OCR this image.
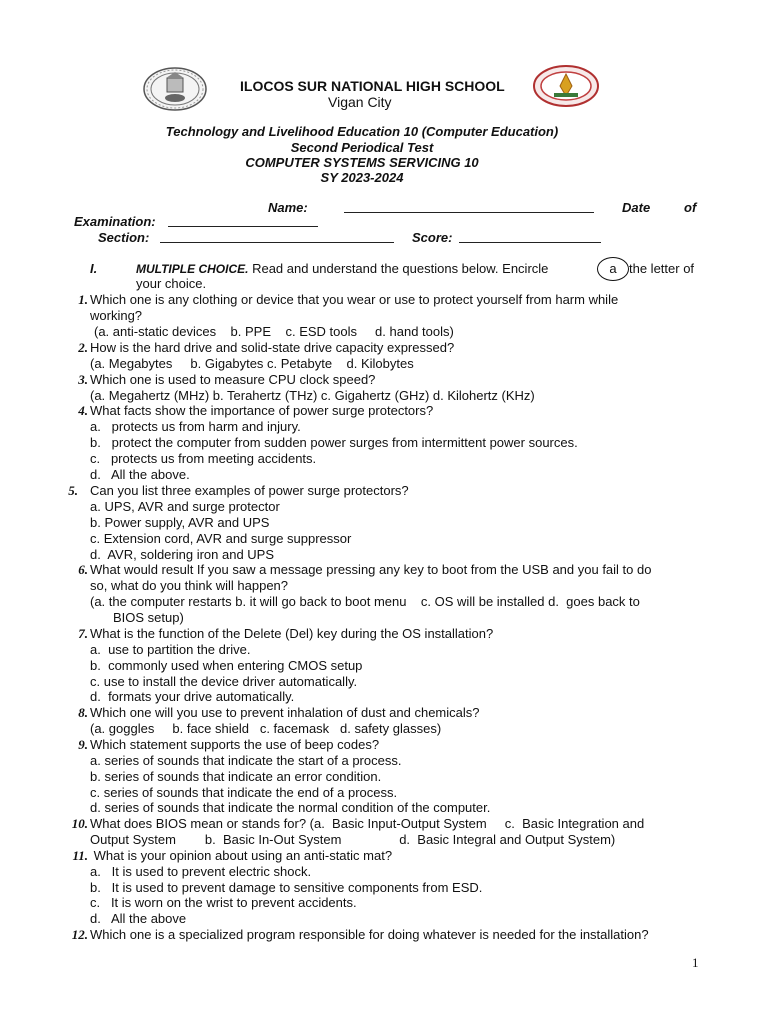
ILOCOS SUR NATIONAL HIGH SCHOOL
Vigan City
Technology and Livelihood Education 10 (Computer Education)
Second Periodical Test
COMPUTER SYSTEMS SERVICING 10
SY 2023-2024
Name:	Date	of
Examination:
Section:	Score:
I.	MULTIPLE CHOICE. Read and understand the questions below. Encircle	a the letter of
your choice.
1. Which one is any clothing or device that you wear or use to protect yourself from harm while
working?
(a. anti-static devices    b. PPE    c. ESD tools     d. hand tools)
2. How is the hard drive and solid-state drive capacity expressed?
(a. Megabytes     b. Gigabytes c. Petabyte    d. Kilobytes
3. Which one is used to measure CPU clock speed?
(a. Megahertz (MHz) b. Terahertz (THz) c. Gigahertz (GHz) d. Kilohertz (KHz)
4. What facts show the importance of power surge protectors?
a.   protects us from harm and injury.
b.   protect the computer from sudden power surges from intermittent power sources.
c.   protects us from meeting accidents.
d.   All the above.
5. Can you list three examples of power surge protectors?
a. UPS, AVR and surge protector
b. Power supply, AVR and UPS
c. Extension cord, AVR and surge suppressor
d.  AVR, soldering iron and UPS
6. What would result If you saw a message pressing any key to boot from the USB and you fail to do
so, what do you think will happen?
(a. the computer restarts b. it will go back to boot menu    c. OS will be installed d.  goes back to
BIOS setup)
7. What is the function of the Delete (Del) key during the OS installation?
a.  use to partition the drive.
b.  commonly used when entering CMOS setup
c. use to install the device driver automatically.
d.  formats your drive automatically.
8. Which one will you use to prevent inhalation of dust and chemicals?
(a. goggles     b. face shield   c. facemask   d. safety glasses)
9. Which statement supports the use of beep codes?
a. series of sounds that indicate the start of a process.
b. series of sounds that indicate an error condition.
c. series of sounds that indicate the end of a process.
d. series of sounds that indicate the normal condition of the computer.
10. What does BIOS mean or stands for? (a.  Basic Input-Output System     c.  Basic Integration and
Output System        b.  Basic In-Out System                d.  Basic Integral and Output System)
11. What is your opinion about using an anti-static mat?
a.   It is used to prevent electric shock.
b.   It is used to prevent damage to sensitive components from ESD.
c.   It is worn on the wrist to prevent accidents.
d.   All the above
12. Which one is a specialized program responsible for doing whatever is needed for the installation?
1
